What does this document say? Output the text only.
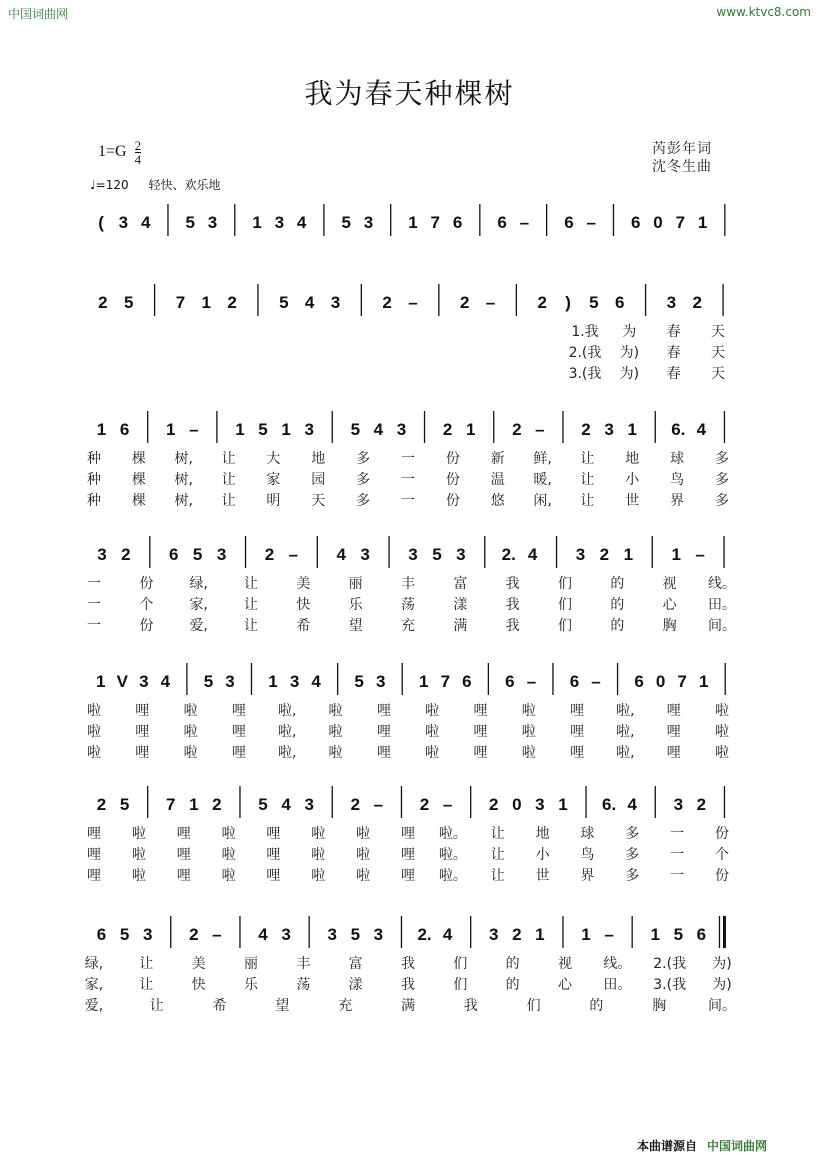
中国词曲网	www.ktvc8.com
我为春天种棵树
$1=G \frac{2}{4}$
♩=120 轻快、欢乐地
芮彭年词
沈冬生曲
( 3 4 5 3 1 3 4 5 3 1 7 6 6 – 6 – 6 0 7 1
2 5 7 1 2 5 4 3 2 – 2 – 2 ) 5 6 3 2
1.我 为 春 天
2.(我 为) 春 天
3.(我 为) 春 天
1 6 1 – 1 5 1 3 5 4 3 2 1 2 – 2 3 1 6. 4
种 棵 树, 让 大 地 多 一 份 新 鲜, 让 地 球 多
种 棵 树, 让 家 园 多 一 份 温 暖, 让 小 鸟 多
种 棵 树, 让 明 天 多 一 份 悠 闲, 让 世 界 多
3 2 6 5 3 2 – 4 3 3 5 3 2. 4 3 2 1 1 –
一	份	绿,	让	美	丽	丰	富	我	们	的	视 线。
一	个	家,	让	快	乐	荡	漾	我	们	的	心 田。
一	份	爱,	让	希	望	充	满	我	们	的	胸 间。
1 V 3 4 5 3 1 3 4 5 3 1 7 6 6 – 6 – 6 0 7 1
啦 哩 啦 哩 啦, 啦 哩 啦 哩 啦 哩 啦, 哩 啦
啦 哩 啦 哩 啦, 啦 哩 啦 哩 啦 哩 啦, 哩 啦
啦 哩 啦 哩 啦, 啦 哩 啦 哩 啦 哩 啦, 哩 啦
2 5 7 1 2 5 4 3 2 – 2 – 2 0 3 1 6. 4 3 2
哩 啦 哩 啦 哩 啦 啦 哩 啦。 让 地 球 多 一 份
哩 啦 哩 啦 哩 啦 啦 哩 啦。 让 小 鸟 多 一 个
哩 啦 哩 啦 哩 啦 啦 哩 啦。 让 世 界 多 一 份
6 5 3 2 – 4 3 3 5 3 2. 4 3 2 1 1 – 1 5 6
绿,	让	美	丽	丰	富	我	们	的	视 线。 2.(我 为)
家,	让	快	乐	荡	漾	我	们	的	心 田。 3.(我 为)
爱,	让	希	望	充	满	我	们	的	胸	间。
本曲谱源自 中国词曲网
